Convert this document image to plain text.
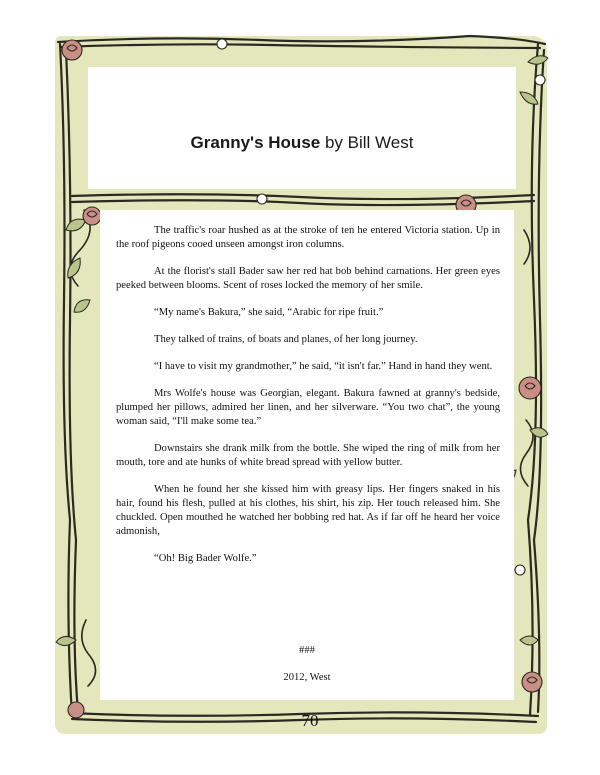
Granny's House by Bill West

The traffic's roar hushed as at the stroke of ten he entered Victoria station. Up in the roof pigeons cooed unseen amongst iron columns.

At the florist's stall Bader saw her red hat bob behind carnations. Her green eyes peeked between blooms. Scent of roses locked the memory of her smile.

“My name's Bakura,” she said, “Arabic for ripe fruit.”

They talked of trains, of boats and planes, of her long journey.

“I have to visit my grandmother,” he said, “it isn't far.” Hand in hand they went.

Mrs Wolfe's house was Georgian, elegant. Bakura fawned at granny's bedside, plumped her pillows, admired her linen, and her silverware. “You two chat”, the young woman said, “I'll make some tea.”

Downstairs she drank milk from the bottle. She wiped the ring of milk from her mouth, tore and ate hunks of white bread spread with yellow butter.

When he found her she kissed him with greasy lips. Her fingers snaked in his hair, found his flesh, pulled at his clothes, his shirt, his zip. Her touch released him. She chuckled. Open mouthed he watched her bobbing red hat. As if far off he heard her voice admonish,

“Oh! Big Bader Wolfe.”

###
2012, West
70
